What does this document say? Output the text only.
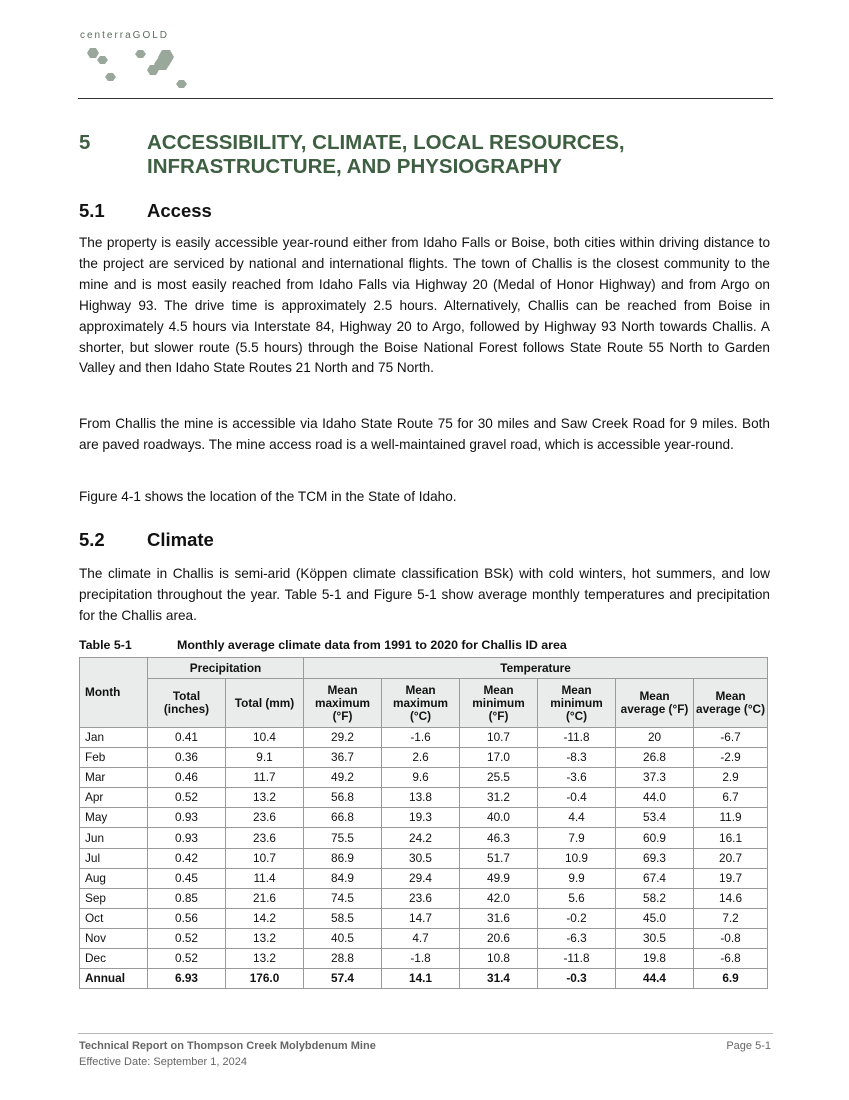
centerraGOLD
5	ACCESSIBILITY, CLIMATE, LOCAL RESOURCES, INFRASTRUCTURE, AND PHYSIOGRAPHY
5.1 Access

The property is easily accessible year-round either from Idaho Falls or Boise, both cities within driving distance to the project are serviced by national and international flights. The town of Challis is the closest community to the mine and is most easily reached from Idaho Falls via Highway 20 (Medal of Honor Highway) and from Argo on Highway 93. The drive time is approximately 2.5 hours. Alternatively, Challis can be reached from Boise in approximately 4.5 hours via Interstate 84, Highway 20 to Argo, followed by Highway 93 North towards Challis. A shorter, but slower route (5.5 hours) through the Boise National Forest follows State Route 55 North to Garden Valley and then Idaho State Routes 21 North and 75 North.

From Challis the mine is accessible via Idaho State Route 75 for 30 miles and Saw Creek Road for 9 miles. Both are paved roadways. The mine access road is a well-maintained gravel road, which is accessible year-round.

Figure 4-1 shows the location of the TCM in the State of Idaho.

5.2 Climate

The climate in Challis is semi-arid (Köppen climate classification BSk) with cold winters, hot summers, and low precipitation throughout the year. Table 5-1 and Figure 5-1 show average monthly temperatures and precipitation for the Challis area.

Table 5-1	Monthly average climate data from 1991 to 2020 for Challis ID area
Month	Precipitation		Temperature					
	Total (inches)	Total (mm)	Mean maximum (°F)	Mean maximum (°C)	Mean minimum (°F)	Mean minimum (°C)	Mean average (°F)	Mean average (°C)
Jan	0.41	10.4	29.2	-1.6	10.7	-11.8	20	-6.7
Feb	0.36	9.1	36.7	2.6	17.0	-8.3	26.8	-2.9
Mar	0.46	11.7	49.2	9.6	25.5	-3.6	37.3	2.9
Apr	0.52	13.2	56.8	13.8	31.2	-0.4	44.0	6.7
May	0.93	23.6	66.8	19.3	40.0	4.4	53.4	11.9
Jun	0.93	23.6	75.5	24.2	46.3	7.9	60.9	16.1
Jul	0.42	10.7	86.9	30.5	51.7	10.9	69.3	20.7
Aug	0.45	11.4	84.9	29.4	49.9	9.9	67.4	19.7
Sep	0.85	21.6	74.5	23.6	42.0	5.6	58.2	14.6
Oct	0.56	14.2	58.5	14.7	31.6	-0.2	45.0	7.2
Nov	0.52	13.2	40.5	4.7	20.6	-6.3	30.5	-0.8
Dec	0.52	13.2	28.8	-1.8	10.8	-11.8	19.8	-6.8
Annual	6.93	176.0	57.4	14.1	31.4	-0.3	44.4	6.9
Technical Report on Thompson Creek Molybdenum Mine
Effective Date: September 1, 2024
Page 5-1
